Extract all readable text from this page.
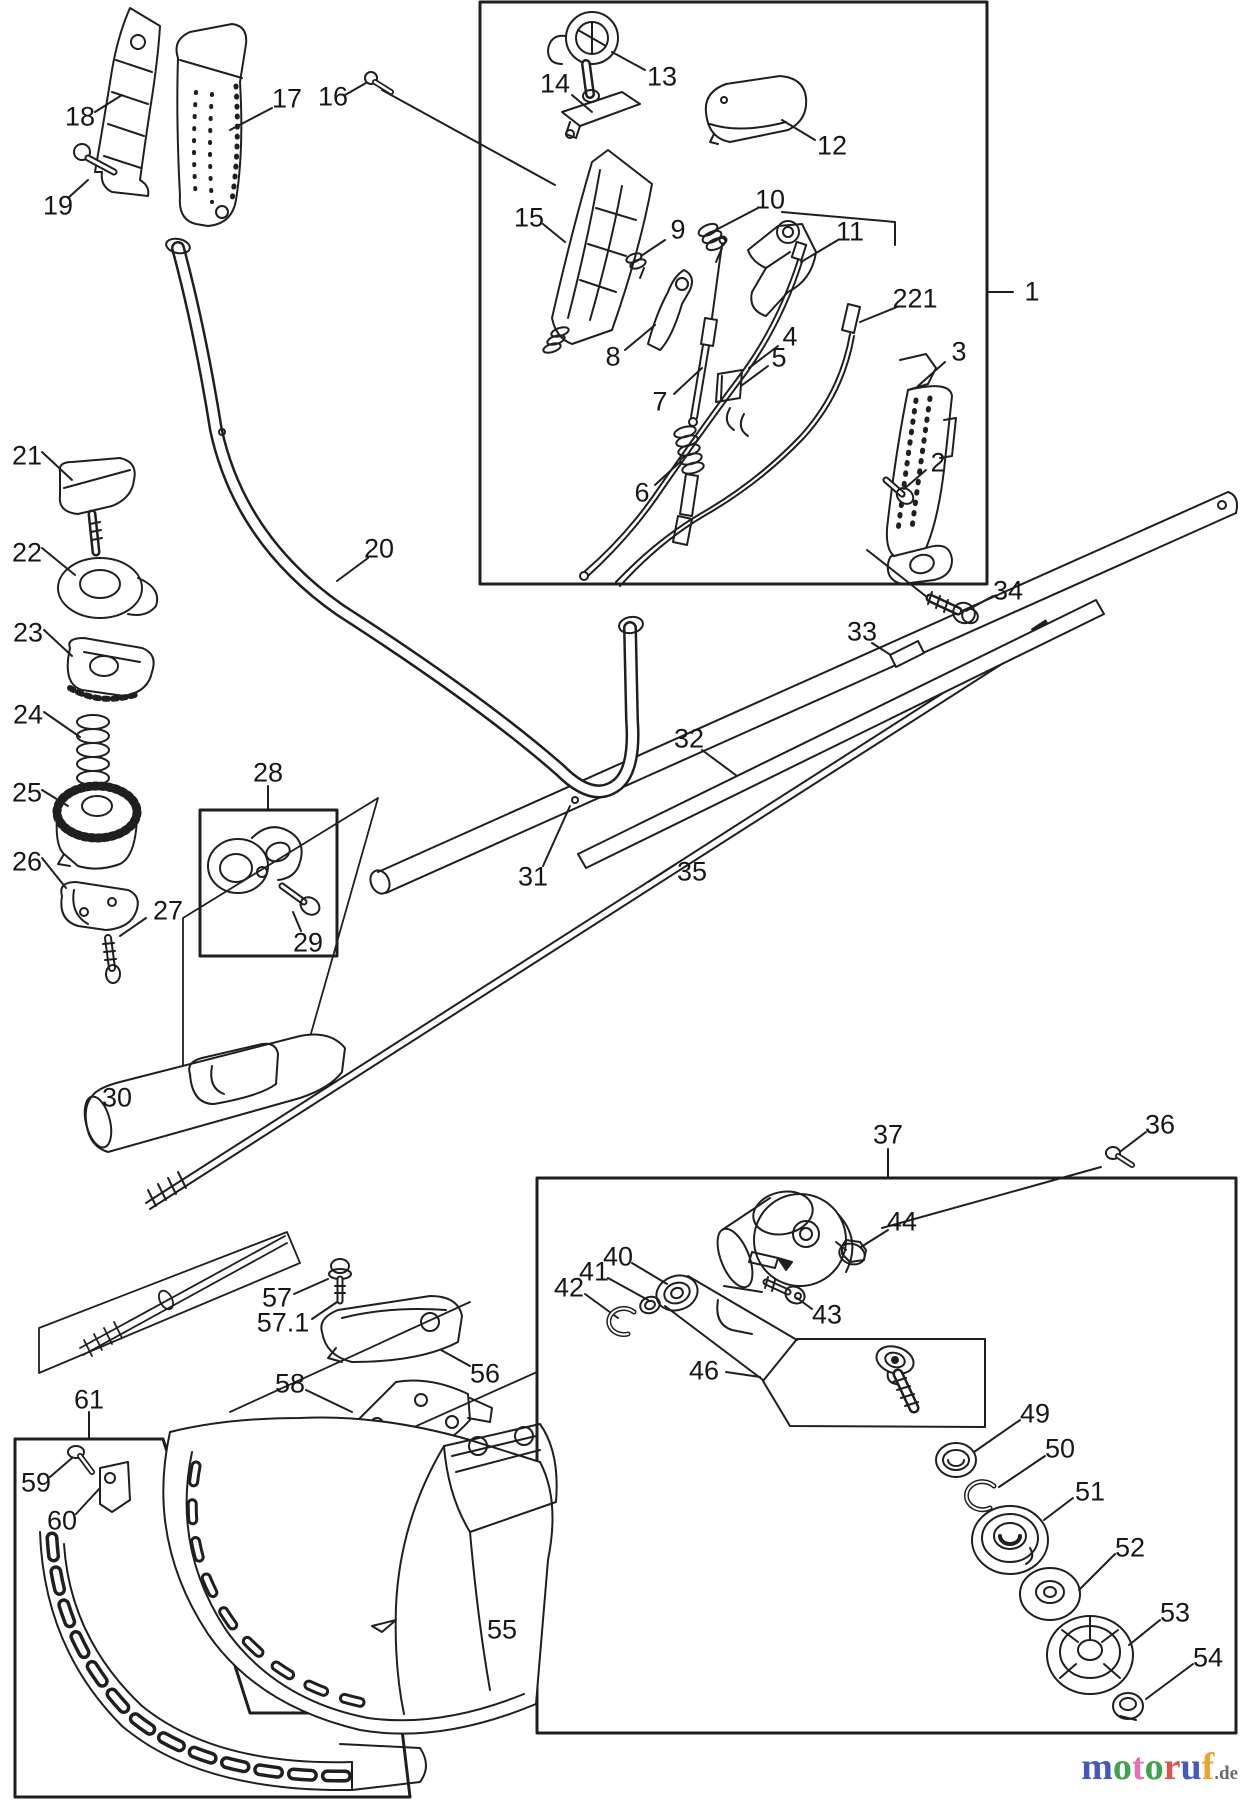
1
2
3
4
221
5
6
7
8
9
10
11
12
13
14
15
16
17
18
19
20
21
22
23
24
25
26
27
28
29
30
31
32
33
34
35
36
37
40
41
42
43
44
46
49
50
51
52
53
54
55
56
57
57.1
58
59
60
61
motoruf .de
